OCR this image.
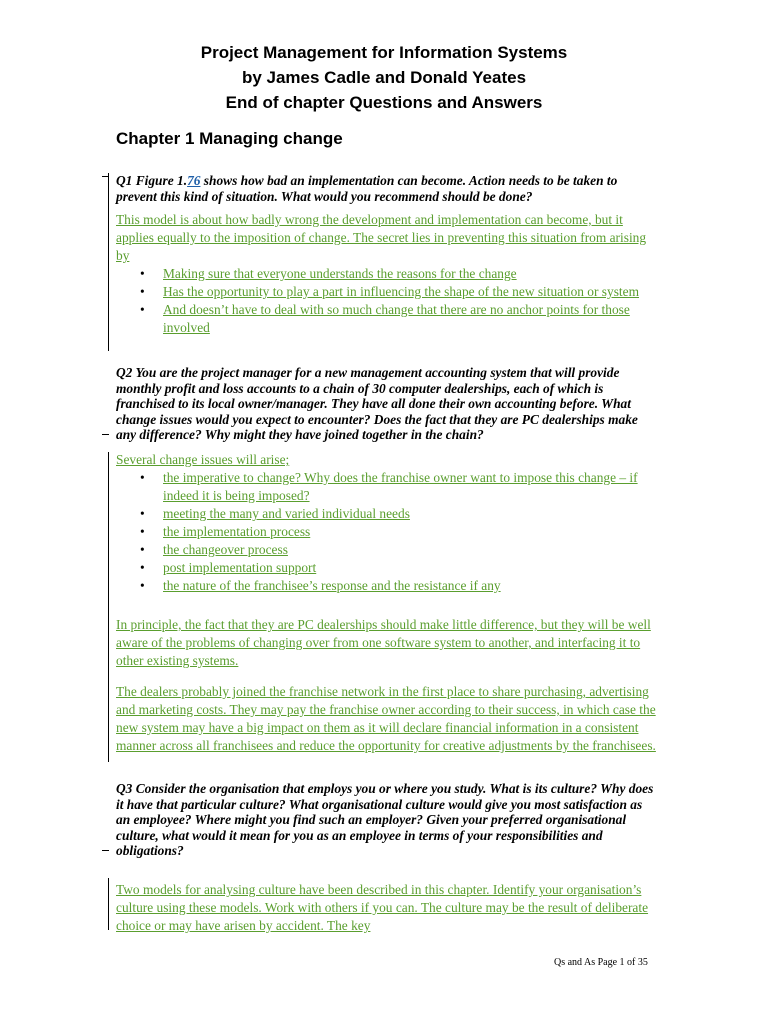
Project Management for Information Systems
by James Cadle and Donald Yeates
End of chapter Questions and Answers
Chapter 1 Managing change
Q1 Figure 1.76 shows how bad an implementation can become. Action needs to be taken to prevent this kind of situation. What would you recommend should be done?

This model is about how badly wrong the development and implementation can become, but it applies equally to the imposition of change. The secret lies in preventing this situation from arising by

• Making sure that everyone understands the reasons for the change
• Has the opportunity to play a part in influencing the shape of the new situation or system
• And doesn’t have to deal with so much change that there are no anchor points for those involved
Q2 You are the project manager for a new management accounting system that will provide monthly profit and loss accounts to a chain of 30 computer dealerships, each of which is franchised to its local owner/manager. They have all done their own accounting before. What change issues would you expect to encounter? Does the fact that they are PC dealerships make any difference? Why might they have joined together in the chain?

Several change issues will arise;

• the imperative to change? Why does the franchise owner want to impose this change – if indeed it is being imposed?
• meeting the many and varied individual needs
• the implementation process
• the changeover process
• post implementation support
• the nature of the franchisee’s response and the resistance if any

In principle, the fact that they are PC dealerships should make little difference, but they will be well aware of the problems of changing over from one software system to another, and interfacing it to other existing systems.

The dealers probably joined the franchise network in the first place to share purchasing, advertising and marketing costs. They may pay the franchise owner according to their success, in which case the new system may have a big impact on them as it will declare financial information in a consistent manner across all franchisees and reduce the opportunity for creative adjustments by the franchisees.

Q3 Consider the organisation that employs you or where you study. What is its culture? Why does it have that particular culture? What organisational culture would give you most satisfaction as an employee? Where might you find such an employer? Given your preferred organisational culture, what would it mean for you as an employee in terms of your responsibilities and obligations?

Two models for analysing culture have been described in this chapter. Identify your organisation’s culture using these models. Work with others if you can. The culture may be the result of deliberate choice or may have arisen by accident. The key

Qs and As Page 1 of 35
